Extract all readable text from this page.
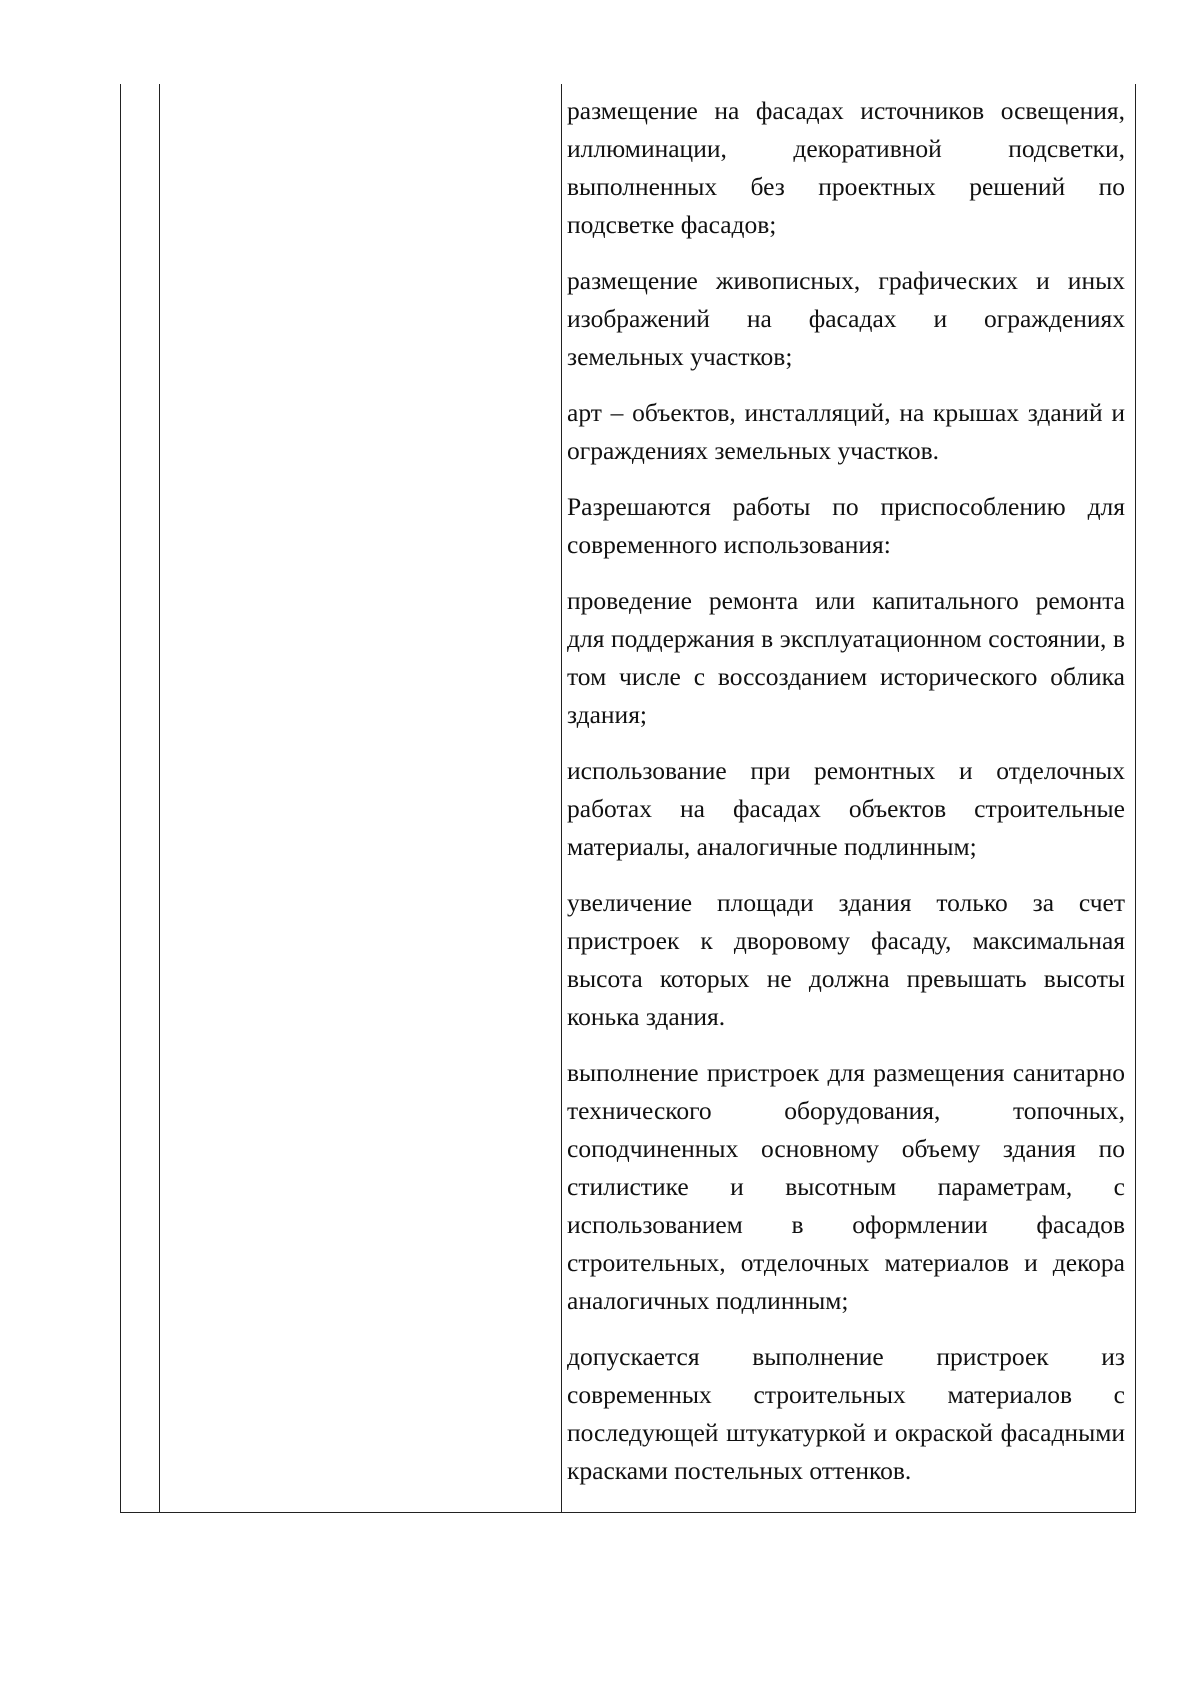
размещение на фасадах источников освещения, иллюминации, декоративной подсветки, выполненных без проектных решений по подсветке фасадов;

размещение живописных, графических и иных изображений на фасадах и ограждениях земельных участков;

арт – объектов, инсталляций, на крышах зданий и ограждениях земельных участков.

Разрешаются работы по приспособлению для современного использования:

проведение ремонта или капитального ремонта для поддержания в эксплуатационном состоянии, в том числе с воссозданием исторического облика здания;

использование при ремонтных и отделочных работах на фасадах объектов строительные материалы, аналогичные подлинным;

увеличение площади здания только за счет пристроек к дворовому фасаду, максимальная высота которых не должна превышать высоты конька здания.

выполнение пристроек для размещения санитарно технического оборудования, топочных, соподчиненных основному объему здания по стилистике и высотным параметрам, с использованием в оформлении фасадов строительных, отделочных материалов и декора аналогичных подлинным;

допускается выполнение пристроек из современных строительных материалов с последующей штукатуркой и окраской фасадными красками постельных оттенков.
